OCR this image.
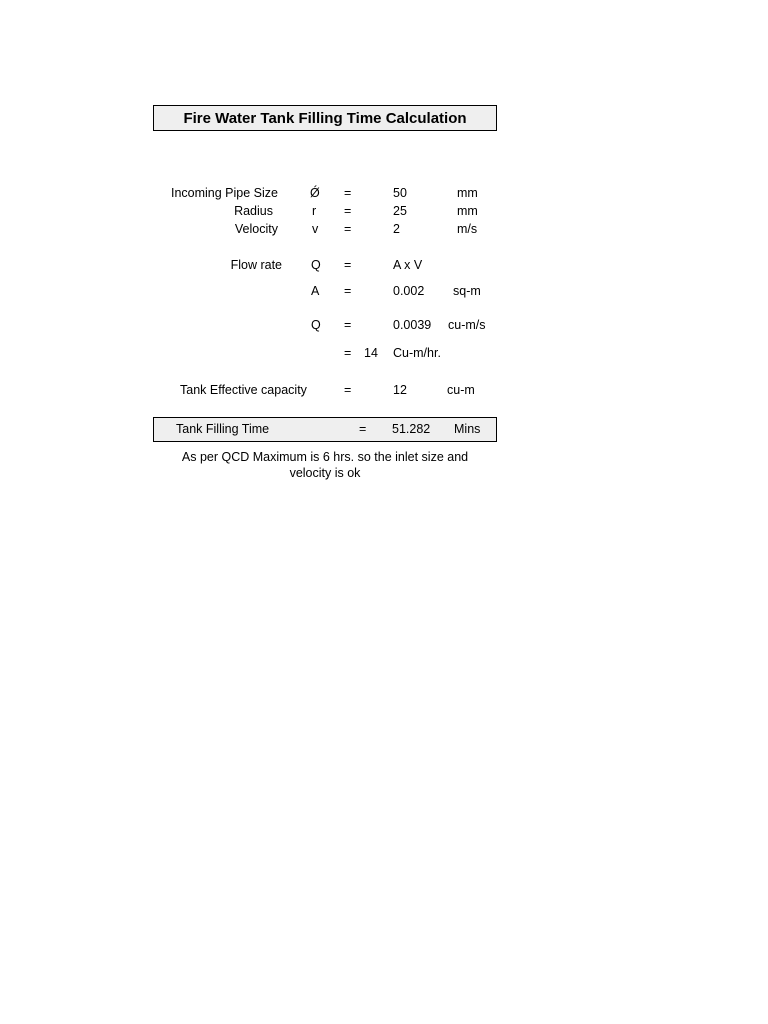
Fire Water Tank Filling Time Calculation
Incoming Pipe Size	Ǿ =	50	mm
Radius	r =	25	mm
Velocity	v =	2	m/s
Flow rate Q =	A x V
A =	0.002 sq-m
Q =	0.0039 cu-m/s
= 14 Cu-m/hr.
Tank Effective capacity	=	12	cu-m
Tank Filling Time	= 51.282 Mins
As per QCD Maximum is 6 hrs. so the inlet size and velocity is ok
